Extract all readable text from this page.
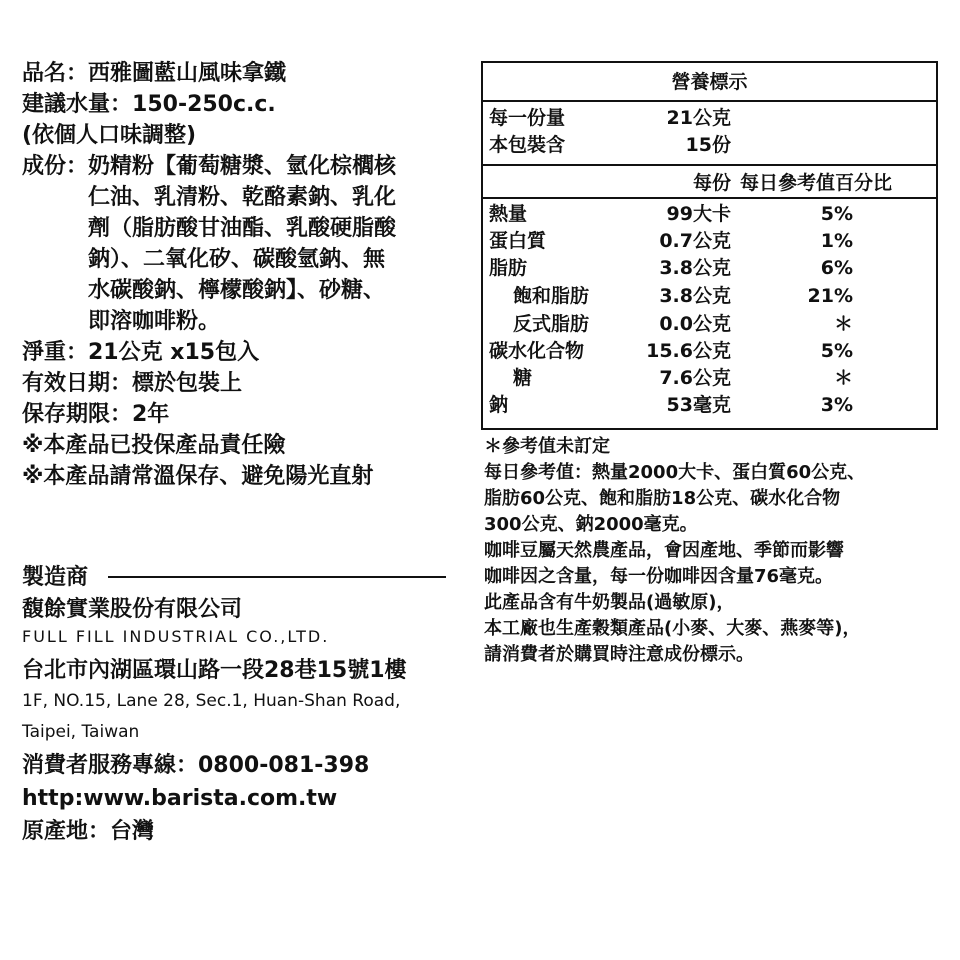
品名： 西雅圖藍山風味拿鐵
建議水量： 150-250c.c.
(依個人口味調整)
成份： 奶精粉【葡萄糖漿、氫化棕櫚核
仁油、乳清粉、乾酪素鈉、乳化
劑（脂肪酸甘油酯、乳酸硬脂酸
鈉）、二氧化矽、碳酸氫鈉、無
水碳酸鈉、檸檬酸鈉】、砂糖、
即溶咖啡粉。
淨重：21公克 x15包入
有效日期：標於包裝上
保存期限：2年
※本產品已投保產品責任險
※本產品請常溫保存、避免陽光直射
製造商
馥餘實業股份有限公司
FULL FILL INDUSTRIAL CO.,LTD.
台北市內湖區環山路一段28巷15號1樓
1F, NO.15, Lane 28, Sec.1, Huan-Shan Road,
Taipei, Taiwan
消費者服務專線：0800-081-398
http:www.barista.com.tw
原產地：台灣
營養標示
每一份量	21公克
本包裝含	15份
每份 每日參考值百分比
熱量	99大卡	5%
蛋白質	0.7公克	1%
脂肪	3.8公克	6%
飽和脂肪	3.8公克	21%
反式脂肪	0.0公克	＊
碳水化合物	15.6公克	5%
糖	7.6公克	＊
鈉	53毫克	3%
＊參考值未訂定
每日參考值：熱量2000大卡、蛋白質60公克、
脂肪60公克、飽和脂肪18公克、碳水化合物
300公克、鈉2000毫克。
咖啡豆屬天然農產品，會因產地、季節而影響
咖啡因之含量，每一份咖啡因含量76毫克。
此產品含有牛奶製品(過敏原)，
本工廠也生產穀類產品(小麥、大麥、燕麥等)，
請消費者於購買時注意成份標示。
